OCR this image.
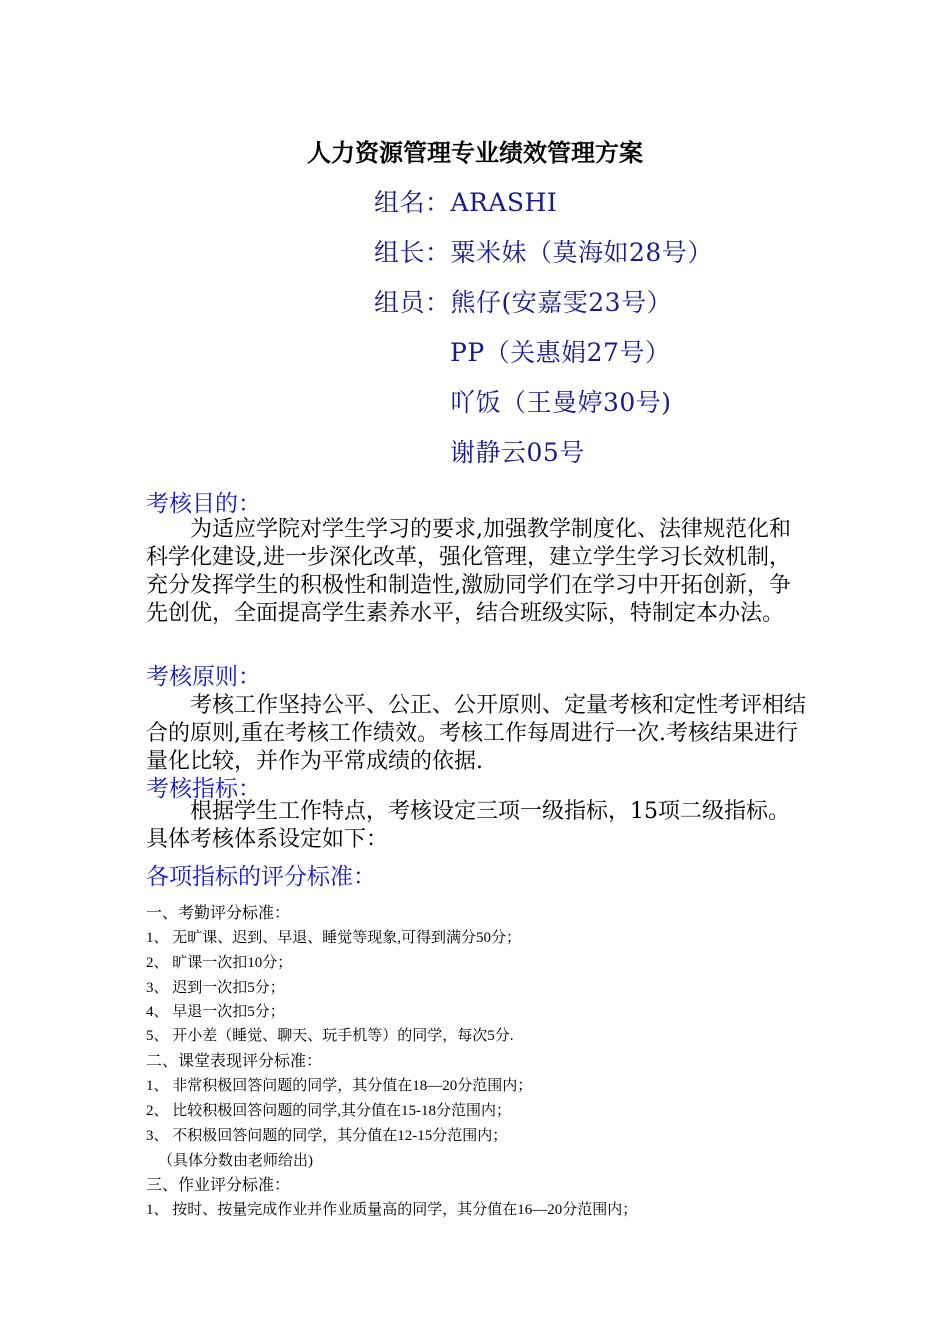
人力资源管理专业绩效管理方案
组名：ARASHI
组长：粟米妹（莫海如28号）
组员：熊仔(安嘉雯23号）
PP（关惠娟27号）
吖饭（王曼婷30号)
谢静云05号
考核目的：

为适应学院对学生学习的要求,加强教学制度化、法律规范化和科学化建设,进一步深化改革，强化管理，建立学生学习长效机制，充分发挥学生的积极性和制造性,激励同学们在学习中开拓创新，争先创优，全面提高学生素养水平，结合班级实际，特制定本办法。

考核原则：

考核工作坚持公平、公正、公开原则、定量考核和定性考评相结合的原则,重在考核工作绩效。考核工作每周进行一次.考核结果进行量化比较，并作为平常成绩的依据.

考核指标：

根据学生工作特点，考核设定三项一级指标，15项二级指标。具体考核体系设定如下：

各项指标的评分标准：
一、考勤评分标准：
1、 无旷课、迟到、早退、睡觉等现象,可得到满分50分；
2、 旷课一次扣10分；
3、 迟到一次扣5分；
4、 早退一次扣5分；
5、 开小差（睡觉、聊天、玩手机等）的同学，每次5分.
二、课堂表现评分标准：
1、 非常积极回答问题的同学，其分值在18—20分范围内；
2、 比较积极回答问题的同学,其分值在15-18分范围内；
3、 不积极回答问题的同学，其分值在12-15分范围内；
（具体分数由老师给出)
三、作业评分标准：
1、 按时、按量完成作业并作业质量高的同学，其分值在16—20分范围内；
